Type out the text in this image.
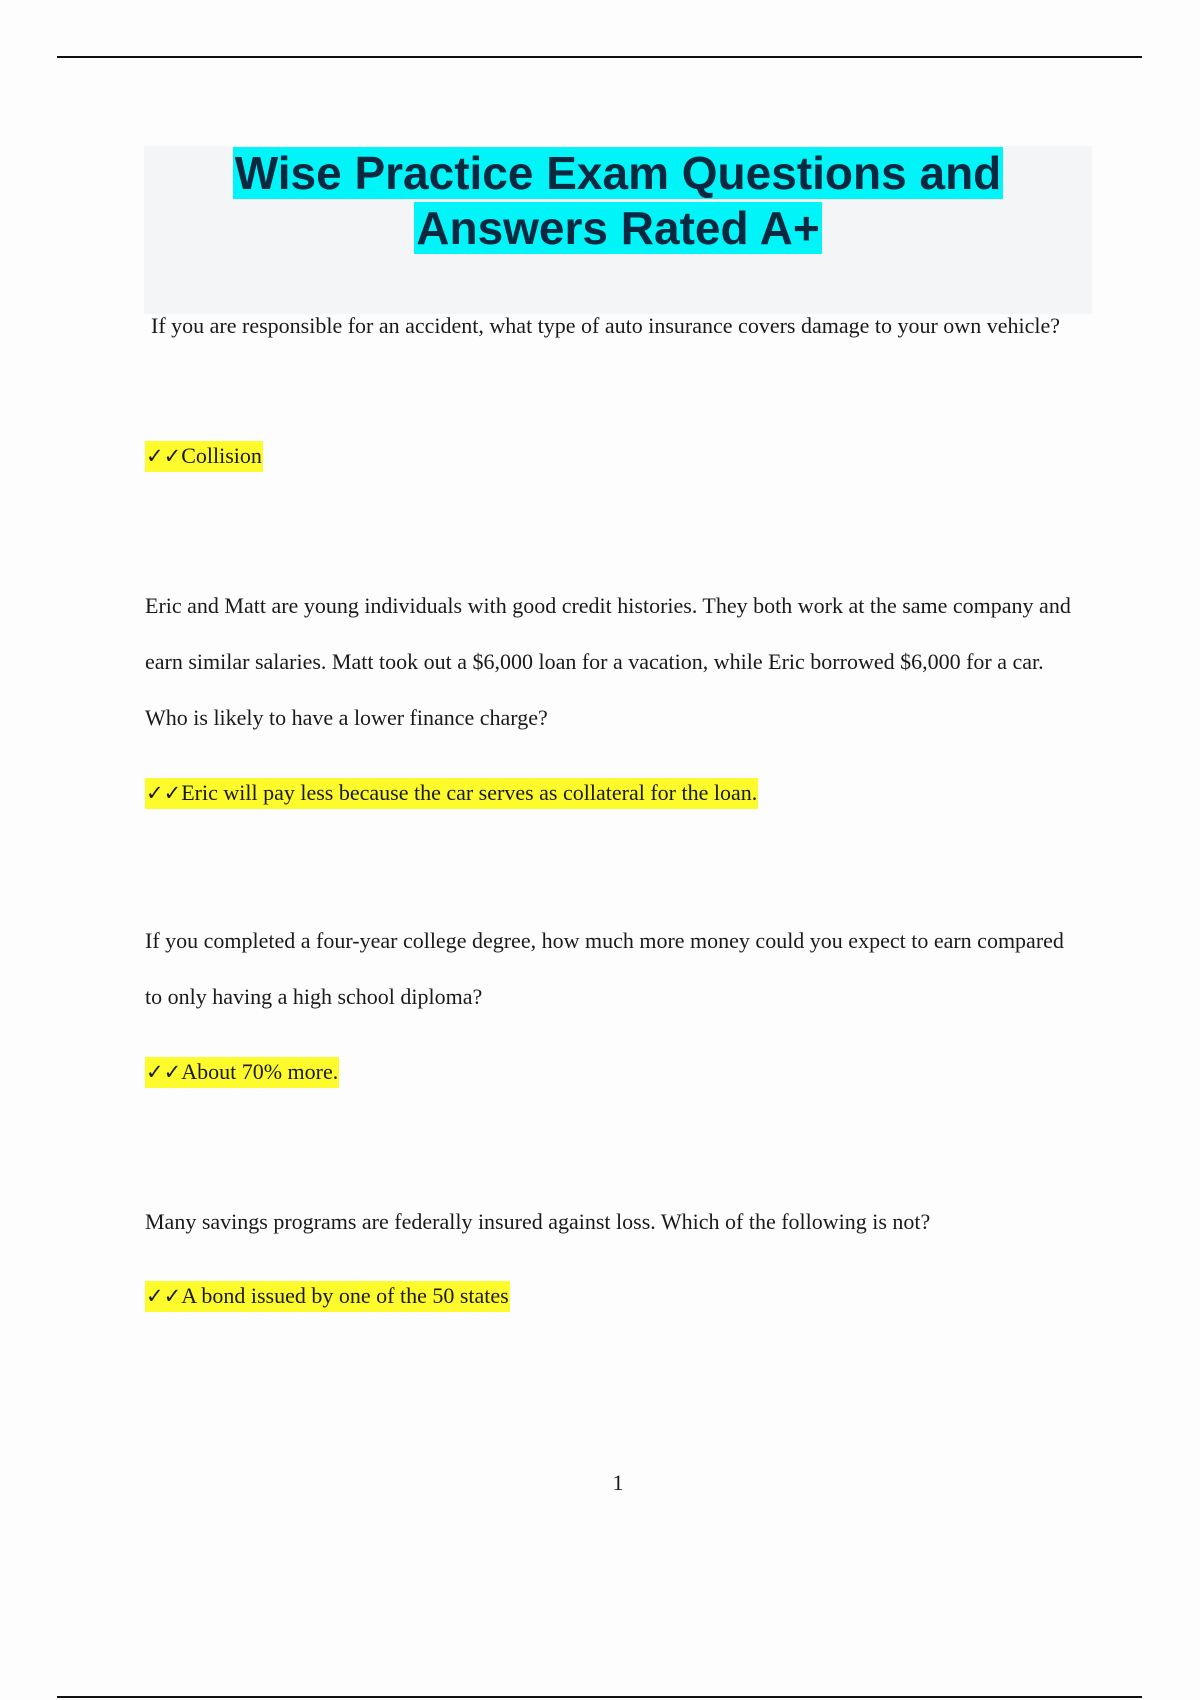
Wise Practice Exam Questions and
Answers Rated A+
If you are responsible for an accident, what type of auto insurance covers damage to your own vehicle?
✓✓Collision
Eric and Matt are young individuals with good credit histories. They both work at the same company and earn similar salaries. Matt took out a $6,000 loan for a vacation, while Eric borrowed $6,000 for a car. Who is likely to have a lower finance charge?
✓✓Eric will pay less because the car serves as collateral for the loan.
If you completed a four-year college degree, how much more money could you expect to earn compared to only having a high school diploma?
✓✓About 70% more.
Many savings programs are federally insured against loss. Which of the following is not?
✓✓A bond issued by one of the 50 states
1
